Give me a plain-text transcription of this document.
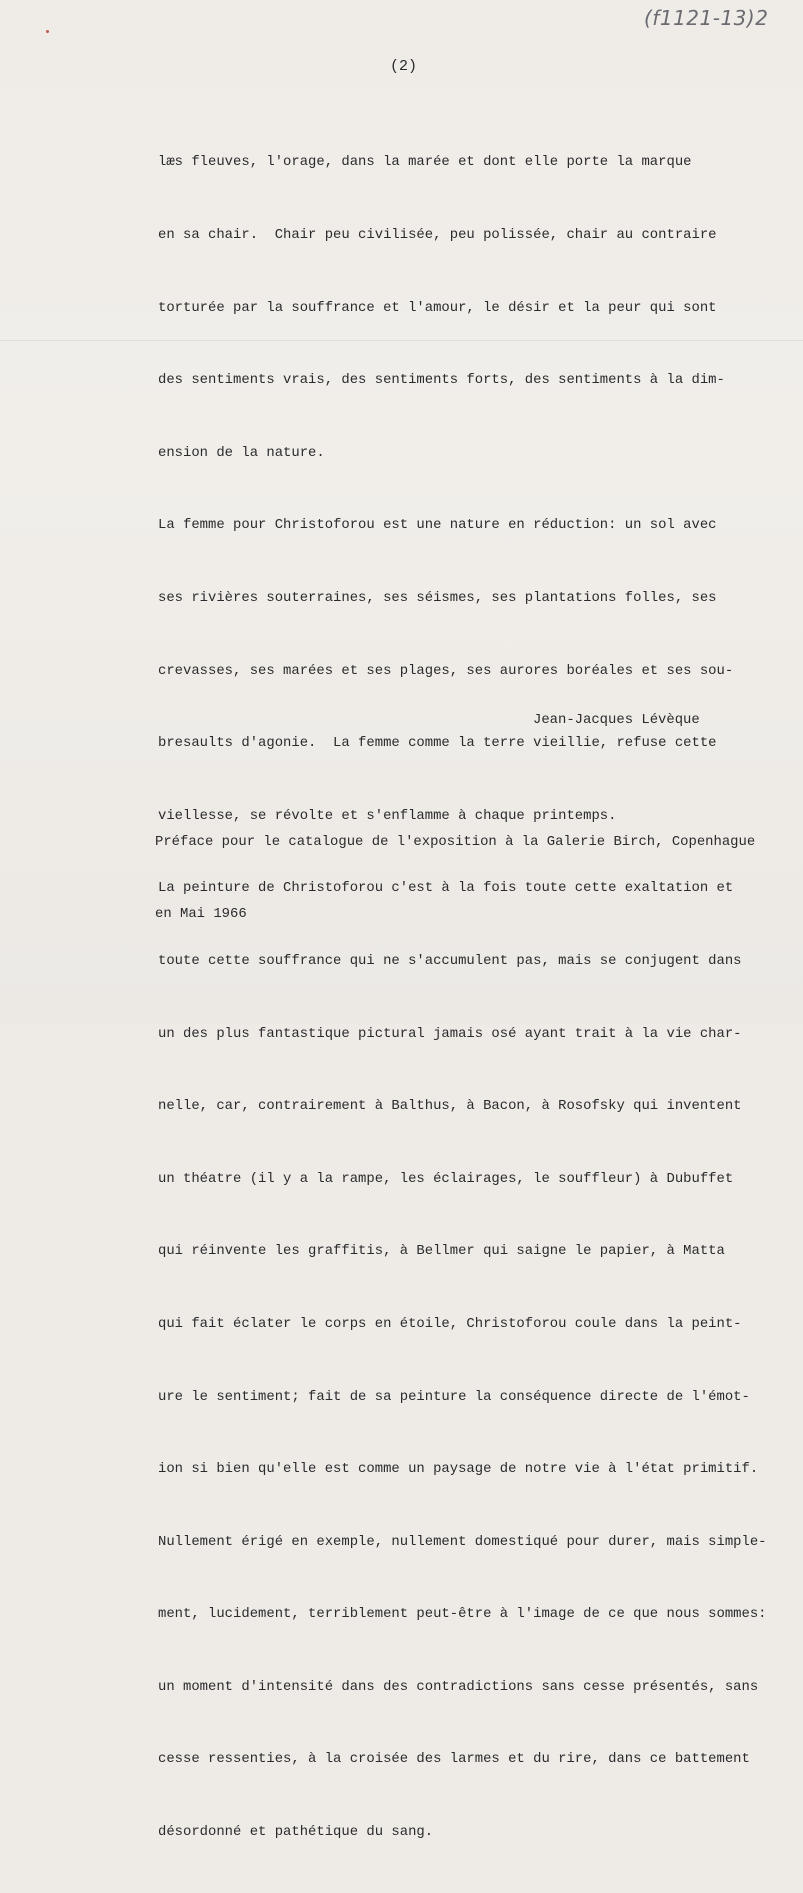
(f1121-13)2
(2)

læs fleuves, l'orage, dans la marée et dont elle porte la marque

en sa chair.  Chair peu civilisée, peu polissée, chair au contraire

torturée par la souffrance et l'amour, le désir et la peur qui sont

des sentiments vrais, des sentiments forts, des sentiments à la dim-

ension de la nature.

La femme pour Christoforou est une nature en réduction: un sol avec

ses rivières souterraines, ses séismes, ses plantations folles, ses

crevasses, ses marées et ses plages, ses aurores boréales et ses sou-

bresaults d'agonie.  La femme comme la terre vieillie, refuse cette

viellesse, se révolte et s'enflamme à chaque printemps.

La peinture de Christoforou c'est à la fois toute cette exaltation et

toute cette souffrance qui ne s'accumulent pas, mais se conjugent dans

un des plus fantastique pictural jamais osé ayant trait à la vie char-

nelle, car, contrairement à Balthus, à Bacon, à Rosofsky qui inventent

un théatre (il y a la rampe, les éclairages, le souffleur) à Dubuffet

qui réinvente les graffitis, à Bellmer qui saigne le papier, à Matta

qui fait éclater le corps en étoile, Christoforou coule dans la peint-

ure le sentiment; fait de sa peinture la conséquence directe de l'émot-

ion si bien qu'elle est comme un paysage de notre vie à l'état primitif.

Nullement érigé en exemple, nullement domestiqué pour durer, mais simple-

ment, lucidement, terriblement peut-être à l'image de ce que nous sommes:

un moment d'intensité dans des contradictions sans cesse présentés, sans

cesse ressenties, à la croisée des larmes et du rire, dans ce battement

désordonné et pathétique du sang.

Jean-Jacques Lévèque

Préface pour le catalogue de l'exposition à la Galerie Birch, Copenhague

en Mai 1966
